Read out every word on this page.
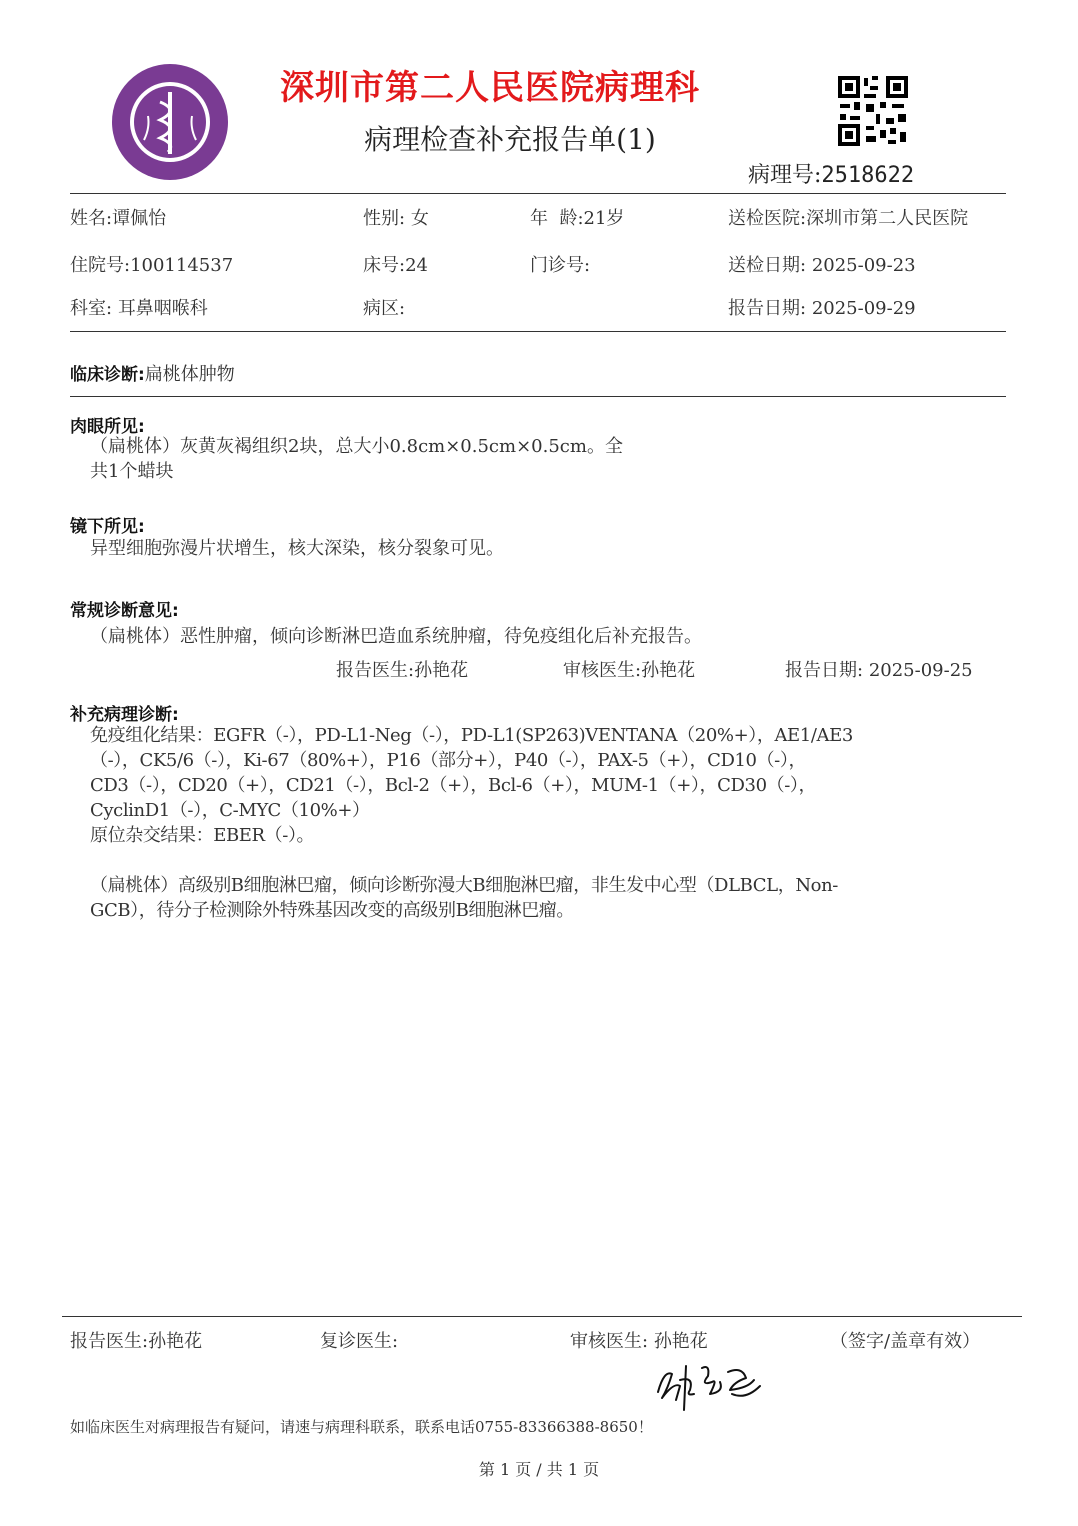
深圳市第二人民医院病理科
病理检查补充报告单(1)
病理号:2518622
姓名:谭佩怡	性别: 女	年  龄:21岁	送检医院:深圳市第二人民医院
住院号:100114537	床号:24	门诊号:	送检日期: 2025-09-23
科室: 耳鼻咽喉科	病区:	报告日期: 2025-09-29
临床诊断:扁桃体肿物
肉眼所见:
（扁桃体）灰黄灰褐组织2块，总大小0.8cm×0.5cm×0.5cm。全
共1个蜡块
镜下所见:
异型细胞弥漫片状增生，核大深染，核分裂象可见。
常规诊断意见:
（扁桃体）恶性肿瘤，倾向诊断淋巴造血系统肿瘤，待免疫组化后补充报告。
报告医生:孙艳花	审核医生:孙艳花	报告日期: 2025-09-25
补充病理诊断:
免疫组化结果：EGFR（-），PD-L1-Neg（-），PD-L1(SP263)VENTANA（20%+），AE1/AE3
（-），CK5/6（-），Ki-67（80%+），P16（部分+），P40（-），PAX-5（+），CD10（-），
CD3（-），CD20（+），CD21（-），Bcl-2（+），Bcl-6（+），MUM-1（+），CD30（-），
CyclinD1（-），C-MYC（10%+）
原位杂交结果：EBER（-）。
（扁桃体）高级别B细胞淋巴瘤，倾向诊断弥漫大B细胞淋巴瘤，非生发中心型（DLBCL，Non-
GCB），待分子检测除外特殊基因改变的高级别B细胞淋巴瘤。
报告医生:孙艳花	复诊医生:	审核医生: 孙艳花	（签字/盖章有效）
如临床医生对病理报告有疑问，请速与病理科联系，联系电话0755-83366388-8650！
第 1 页 / 共 1 页
